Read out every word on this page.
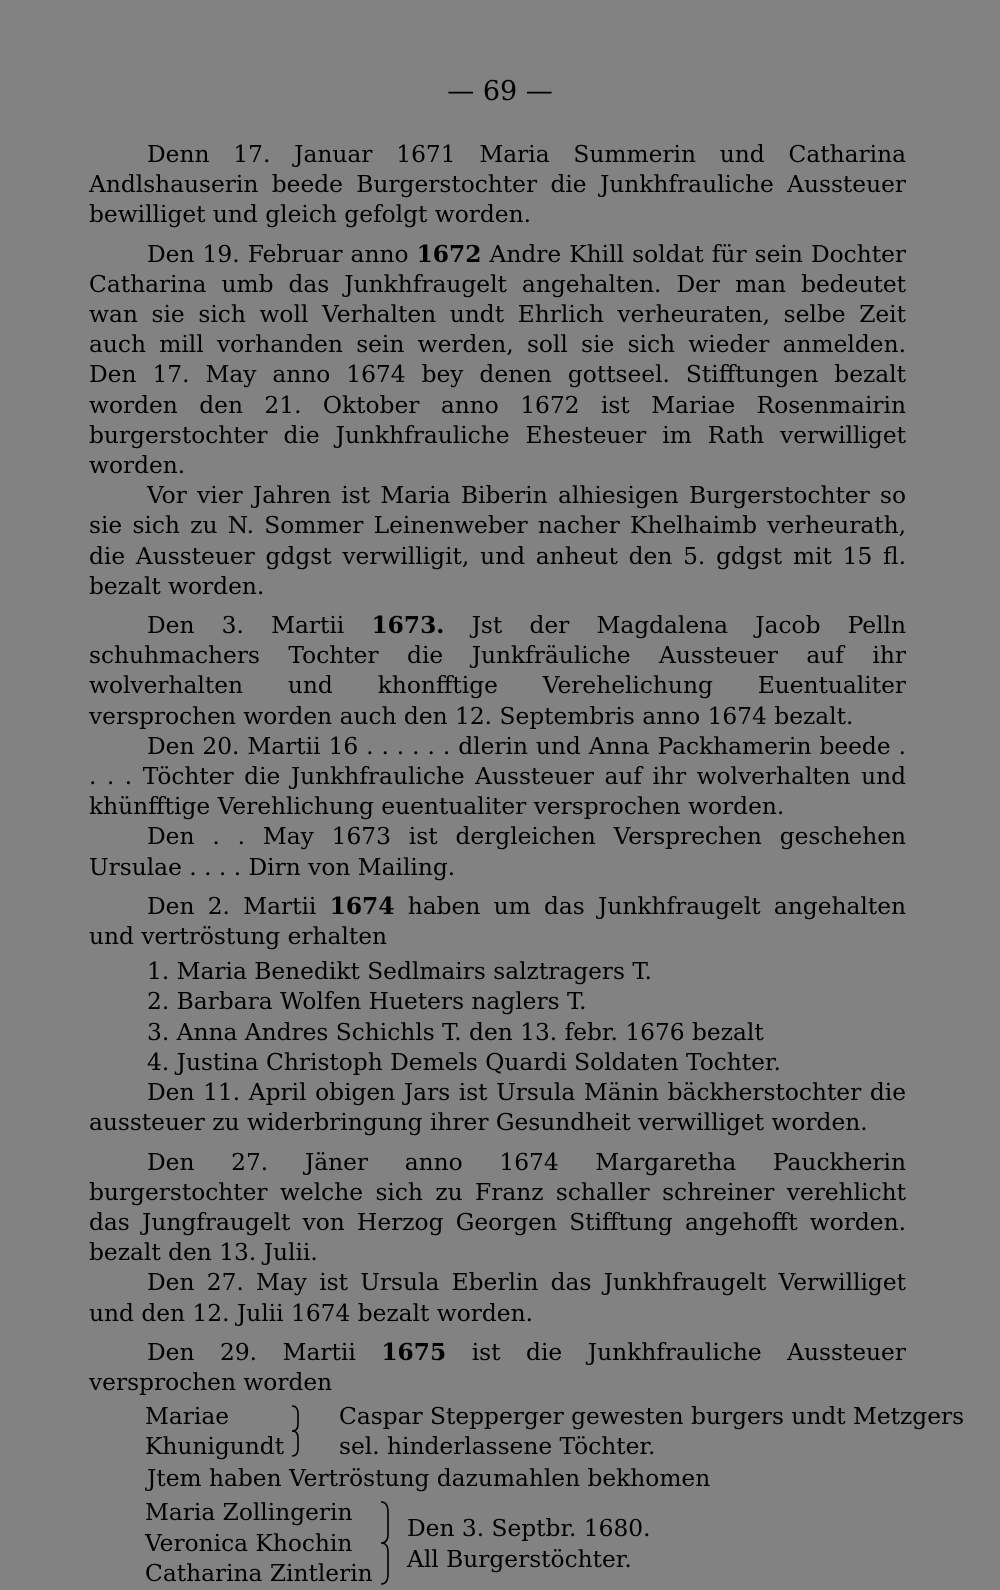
— 69 —

Denn 17. Januar 1671 Maria Summerin und Catharina Andlshauserin beede Burgerstochter die Junkhfrauliche Aussteuer bewilliget und gleich gefolgt worden.

Den 19. Februar anno 1672 Andre Khill soldat für sein Dochter Catharina umb das Junkhfraugelt angehalten. Der man bedeutet wan sie sich woll Verhalten undt Ehrlich verheuraten, selbe Zeit auch mill vorhanden sein werden, soll sie sich wieder anmelden. Den 17. May anno 1674 bey denen gottseel. Stifftungen bezalt worden den 21. Oktober anno 1672 ist Mariae Rosenmairin burgerstochter die Junkhfrauliche Ehesteuer im Rath verwilliget worden.

Vor vier Jahren ist Maria Biberin alhiesigen Burgerstochter so sie sich zu N. Sommer Leinenweber nacher Khelhaimb verheurath, die Aussteuer gdgst verwilligit, und anheut den 5. gdgst mit 15 fl. bezalt worden.

Den 3. Martii 1673. Jst der Magdalena Jacob Pelln schuhmachers Tochter die Junkfräuliche Aussteuer auf ihr wolverhalten und khonfftige Verehelichung Euentualiter versprochen worden auch den 12. Septembris anno 1674 bezalt.

Den 20. Martii 16 . . . . . . dlerin und Anna Packhamerin beede . . . . Töchter die Junkhfrauliche Aussteuer auf ihr wolverhalten und khünfftige Verehlichung euentualiter versprochen worden.

Den . . May 1673 ist dergleichen Versprechen geschehen Ursulae . . . . Dirn von Mailing.

Den 2. Martii 1674 haben um das Junkhfraugelt angehalten und vertröstung erhalten

1. Maria Benedikt Sedlmairs salztragers T.
2. Barbara Wolfen Hueters naglers T.
3. Anna Andres Schichls T. den 13. febr. 1676 bezalt
4. Justina Christoph Demels Quardi Soldaten Tochter.

Den 11. April obigen Jars ist Ursula Mänin bäckherstochter die aussteuer zu widerbringung ihrer Gesundheit verwilliget worden.

Den 27. Jäner anno 1674 Margaretha Pauckherin burgerstochter welche sich zu Franz schaller schreiner verehlicht das Jungfraugelt von Herzog Georgen Stifftung angehofft worden. bezalt den 13. Julii.

Den 27. May ist Ursula Eberlin das Junkhfraugelt Verwilliget und den 12. Julii 1674 bezalt worden.

Den 29. Martii 1675 ist die Junkhfrauliche Aussteuer versprochen worden

Mariae
Khunigundt
Caspar Stepperger gewesten burgers undt Metzgers
sel. hinderlassene Töchter.

Jtem haben Vertröstung dazumahlen bekhomen

Maria Zollingerin
Veronica Khochin
Catharina Zintlerin
Den 3. Septbr. 1680.
All Burgerstöchter.
